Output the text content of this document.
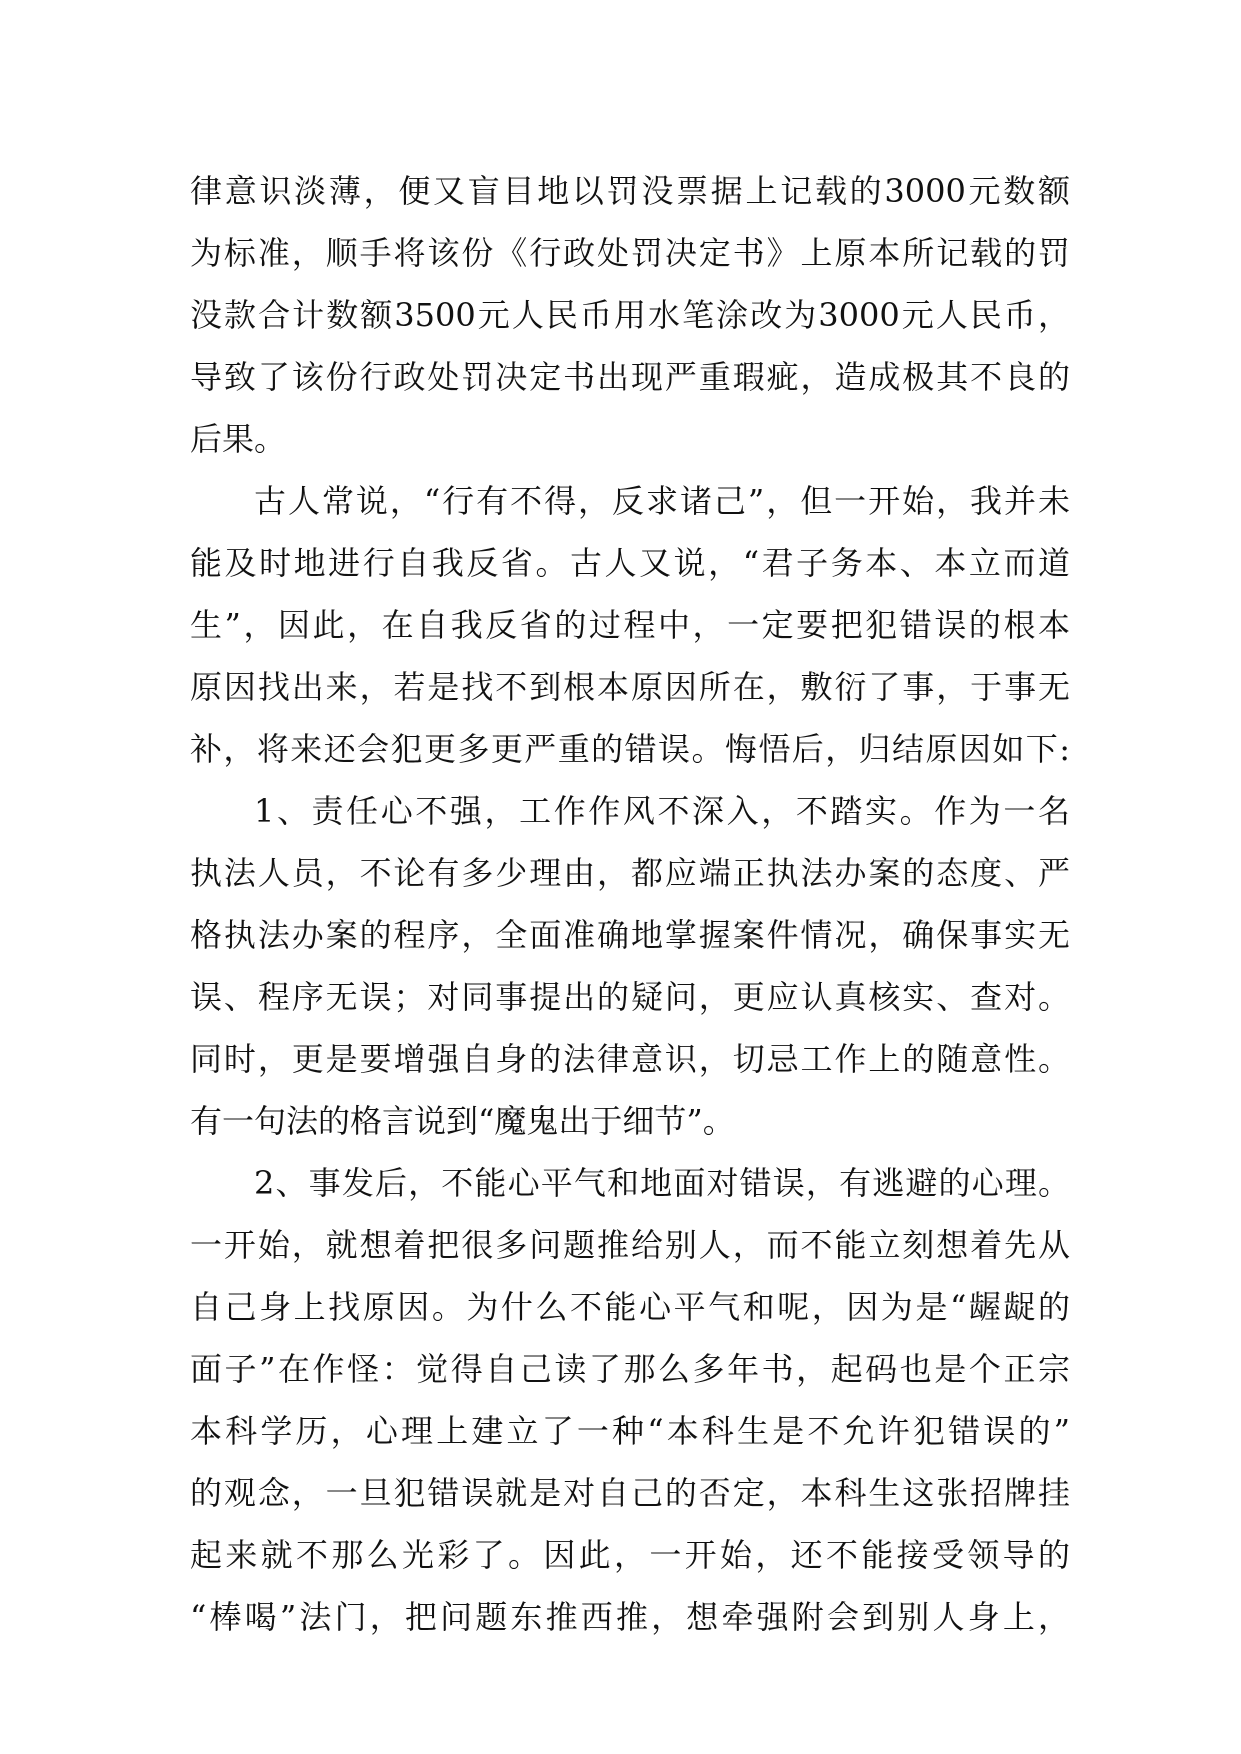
律意识淡薄，便又盲目地以罚没票据上记载的3000元数额
为标准，顺手将该份《行政处罚决定书》上原本所记载的罚
没款合计数额3500元人民币用水笔涂改为3000元人民币，
导致了该份行政处罚决定书出现严重瑕疵，造成极其不良的
后果。
古人常说，“行有不得，反求诸己”，但一开始，我并未
能及时地进行自我反省。古人又说，“君子务本、本立而道
生”，因此，在自我反省的过程中，一定要把犯错误的根本
原因找出来，若是找不到根本原因所在，敷衍了事，于事无
补，将来还会犯更多更严重的错误。悔悟后，归结原因如下:
1、责任心不强，工作作风不深入，不踏实。作为一名
执法人员，不论有多少理由，都应端正执法办案的态度、严
格执法办案的程序，全面准确地掌握案件情况，确保事实无
误、程序无误；对同事提出的疑问，更应认真核实、查对。
同时，更是要增强自身的法律意识，切忌工作上的随意性。
有一句法的格言说到“魔鬼出于细节”。
2、事发后，不能心平气和地面对错误，有逃避的心理。
一开始，就想着把很多问题推给别人，而不能立刻想着先从
自己身上找原因。为什么不能心平气和呢，因为是“龌龊的
面子”在作怪：觉得自己读了那么多年书，起码也是个正宗
本科学历，心理上建立了一种“本科生是不允许犯错误的”
的观念，一旦犯错误就是对自己的否定，本科生这张招牌挂
起来就不那么光彩了。因此，一开始，还不能接受领导的
“棒喝”法门，把问题东推西推，想牵强附会到别人身上，
